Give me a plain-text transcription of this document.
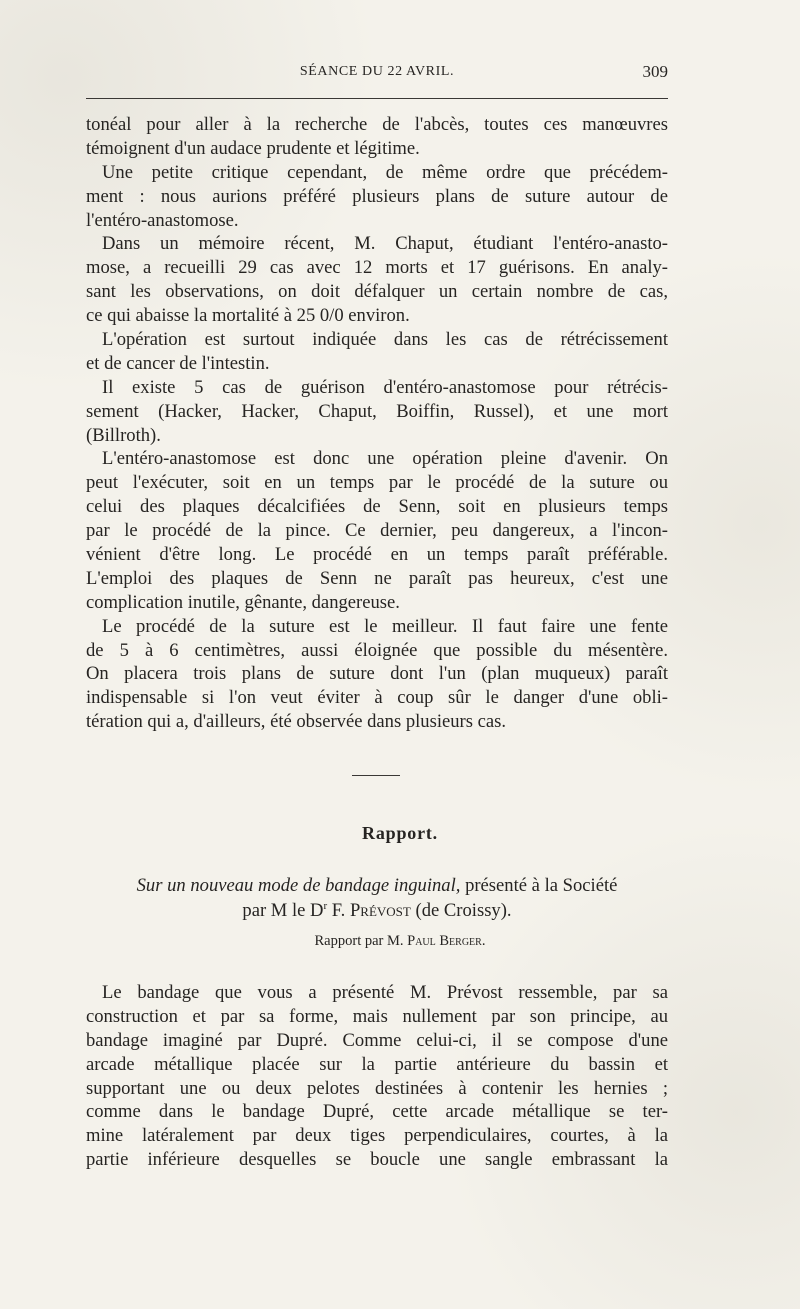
SÉANCE DU 22 AVRIL.	309
tonéal pour aller à la recherche de l'abcès, toutes ces manœuvres
témoignent d'un audace prudente et légitime.
Une petite critique cependant, de même ordre que précédem-
ment : nous aurions préféré plusieurs plans de suture autour de
l'entéro-anastomose.
Dans un mémoire récent, M. Chaput, étudiant l'entéro-anasto-
mose, a recueilli 29 cas avec 12 morts et 17 guérisons. En analy-
sant les observations, on doit défalquer un certain nombre de cas,
ce qui abaisse la mortalité à 25 0/0 environ.
L'opération est surtout indiquée dans les cas de rétrécissement
et de cancer de l'intestin.
Il existe 5 cas de guérison d'entéro-anastomose pour rétrécis-
sement (Hacker, Hacker, Chaput, Boiffin, Russel), et une mort
(Billroth).
L'entéro-anastomose est donc une opération pleine d'avenir. On
peut l'exécuter, soit en un temps par le procédé de la suture ou
celui des plaques décalcifiées de Senn, soit en plusieurs temps
par le procédé de la pince. Ce dernier, peu dangereux, a l'incon-
vénient d'être long. Le procédé en un temps paraît préférable.
L'emploi des plaques de Senn ne paraît pas heureux, c'est une
complication inutile, gênante, dangereuse.
Le procédé de la suture est le meilleur. Il faut faire une fente
de 5 à 6 centimètres, aussi éloignée que possible du mésentère.
On placera trois plans de suture dont l'un (plan muqueux) paraît
indispensable si l'on veut éviter à coup sûr le danger d'une obli-
tération qui a, d'ailleurs, été observée dans plusieurs cas.
Rapport.
Sur un nouveau mode de bandage inguinal, présenté à la Société
par M le $D^r$ F. Prévost (de Croissy).
Rapport par M. Paul Berger.
Le bandage que vous a présenté M. Prévost ressemble, par sa
construction et par sa forme, mais nullement par son principe, au
bandage imaginé par Dupré. Comme celui-ci, il se compose d'une
arcade métallique placée sur la partie antérieure du bassin et
supportant une ou deux pelotes destinées à contenir les hernies ;
comme dans le bandage Dupré, cette arcade métallique se ter-
mine latéralement par deux tiges perpendiculaires, courtes, à la
partie inférieure desquelles se boucle une sangle embrassant la
